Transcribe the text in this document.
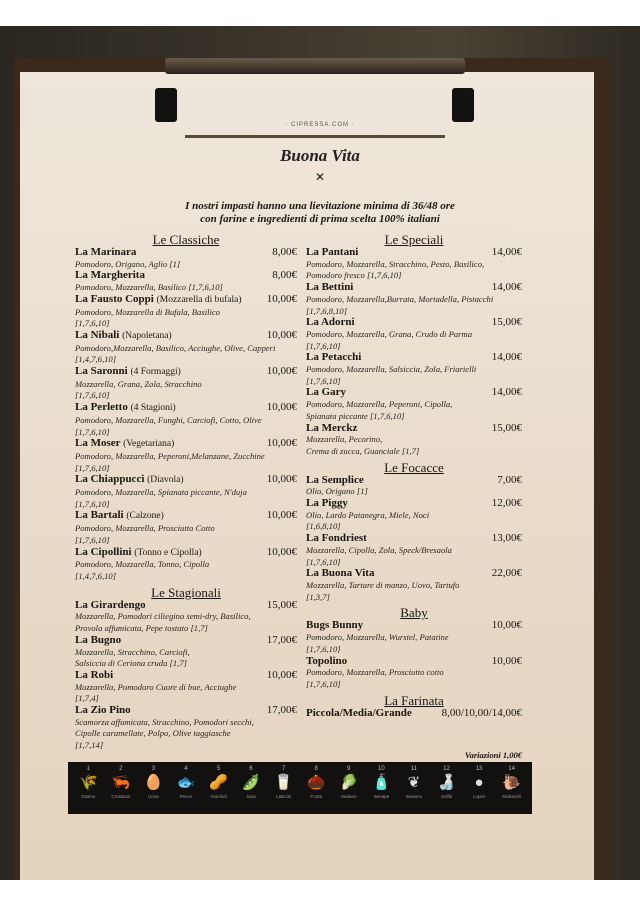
· CIPRESSA.COM ·
Buona Vita
✕
I nostri impasti hanno una lievitazione minima di 36/48 ore
con farine e ingredienti di prima scelta 100% italiani
Le Classiche
La Marinara	8,00€
Pomodoro, Origano, Aglio [1]
La Margherita	8,00€
Pomodoro, Mozzarella, Basilico [1,7,6,10]
La Fausto Coppi (Mozzarella di bufala) 10,00€
Pomodoro, Mozzarella di Bufala, Basilico
[1,7,6,10]
La Nibali (Napoletana)	10,00€
Pomodoro,Mozzarella, Basilico, Acciughe, Olive, Capperi
[1,4,7,6,10]
La Saronni (4 Formaggi)	10,00€
Mozzarella, Grana, Zola, Stracchino
[1,7,6,10]
La Perletto (4 Stagioni)	10,00€
Pomodoro, Mozzarella, Funghi, Carciofi, Cotto, Olive
[1,7,6,10]
La Moser (Vegetariana)	10,00€
Pomodoro, Mozzarella, Peperoni,Melanzane, Zucchine
[1,7,6,10]
La Chiappucci (Diavola)	10,00€
Pomodoro, Mozzarella, Spianata piccante, N'duja
[1,7,6,10]
La Bartali (Calzone)	10,00€
Pomodoro, Mozzarella, Prosciutto Cotto
[1,7,6,10]
La Cipollini (Tonno e Cipolla)	10,00€
Pomodoro, Mozzarella, Tonno, Cipolla
[1,4,7,6,10]
Le Stagionali
La Girardengo	15,00€
Mozzarella, Pomodori ciliegino semi-dry, Basilico,
Provola affumicata, Pepe tostato [1,7]
La Bugno	17,00€
Mozzarella, Stracchino, Carciofi,
Salsiccia di Ceriona cruda [1,7]
La Robi	10,00€
Mozzarella, Pomodoro Cuore di bue, Acciughe
[1,7,4]
La Zio Pino	17,00€
Scamorza affumicata, Stracchino, Pomodori secchi,
Cipolle caramellate, Polpo, Olive taggiasche
[1,7,14]
Le Speciali
La Pantani	14,00€
Pomodoro, Mozzarella, Stracchino, Pesto, Basilico,
Pomodoro fresco [1,7,6,10]
La Bettini	14,00€
Pomodoro, Mozzarella,Burrata, Mortadella, Pistacchi
[1,7,6,8,10]
La Adorni	15,00€
Pomodoro, Mozzarella, Grana, Crudo di Parma
[1,7,6,10]
La Petacchi	14,00€
Pomodoro, Mozzarella, Salsiccia, Zola, Friarielli
[1,7,6,10]
La Gary	14,00€
Pomodoro, Mozzarella, Peperoni, Cipolla,
Spianata piccante [1,7,6,10]
La Merckz	15,00€
Mozzarella, Pecorino,
Crema di zucca, Guanciale [1,7]
Le Focacce
La Semplice	7,00€
Olio, Origano [1]
La Piggy	12,00€
Olio, Lardo Patanegra, Miele, Noci
[1,6,8,10]
La Fondriest	13,00€
Mozzarella, Cipolla, Zola, Speck/Bresaola
[1,7,6,10]
La Buona Vita	22,00€
Mozzarella, Tartare di manzo, Uovo, Tartufo
[1,3,7]
Baby
Bugs Bunny	10,00€
Pomodoro, Mozzarella, Wurstel, Patatine
[1,7,6,10]
Topolino	10,00€
Pomodoro, Mozzarella, Prosciutto cotto
[1,7,6,10]
La Farinata
Piccola/Media/Grande	8,00/10,00/14,00€
Variazioni 1,00€
1
🌾
Glutine
2
🦐
Crostacei
3
🥚
Uova
4
🐟
Pesce
5
🥜
Arachidi
6
🫛
Soia
7
🥛
Latticini
8
🌰
Frutta
9
🥬
Sedano
10
🧴
Senape
11
❦
Sesamo
12
🍶
Solfiti
13
●
Lupini
14
🐌
Molluschi
